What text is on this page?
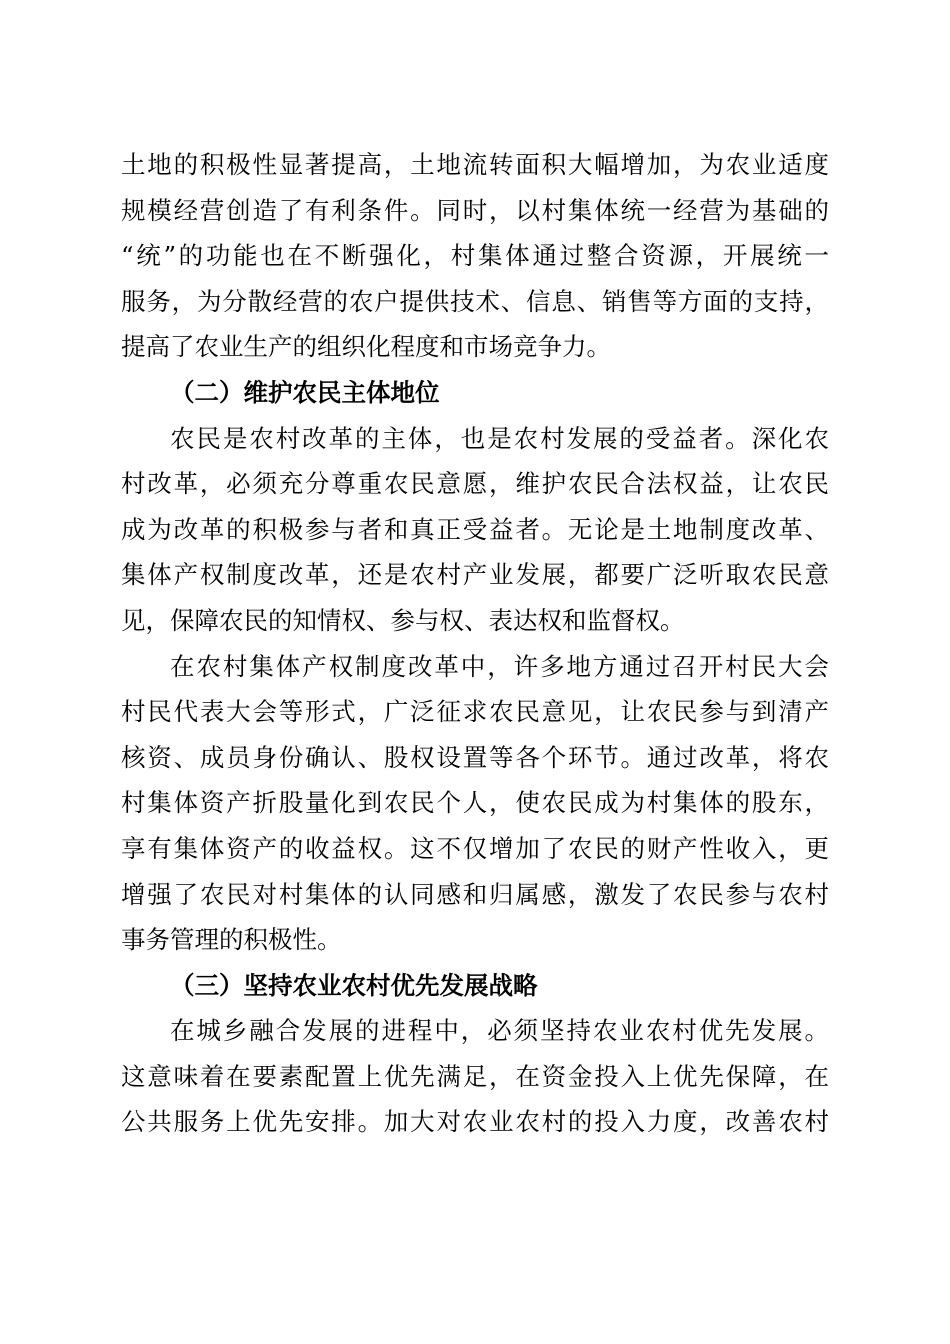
土地的积极性显著提高，土地流转面积大幅增加，为农业适度
规模经营创造了有利条件。同时，以村集体统一经营为基础的
“统”的功能也在不断强化，村集体通过整合资源，开展统一
服务，为分散经营的农户提供技术、信息、销售等方面的支持，
提高了农业生产的组织化程度和市场竞争力。
（二）维护农民主体地位
农民是农村改革的主体，也是农村发展的受益者。深化农
村改革，必须充分尊重农民意愿，维护农民合法权益，让农民
成为改革的积极参与者和真正受益者。无论是土地制度改革、
集体产权制度改革，还是农村产业发展，都要广泛听取农民意
见，保障农民的知情权、参与权、表达权和监督权。
在农村集体产权制度改革中，许多地方通过召开村民大会
村民代表大会等形式，广泛征求农民意见，让农民参与到清产
核资、成员身份确认、股权设置等各个环节。通过改革，将农
村集体资产折股量化到农民个人，使农民成为村集体的股东，
享有集体资产的收益权。这不仅增加了农民的财产性收入，更
增强了农民对村集体的认同感和归属感，激发了农民参与农村
事务管理的积极性。
（三）坚持农业农村优先发展战略
在城乡融合发展的进程中，必须坚持农业农村优先发展。
这意味着在要素配置上优先满足，在资金投入上优先保障，在
公共服务上优先安排。加大对农业农村的投入力度，改善农村
